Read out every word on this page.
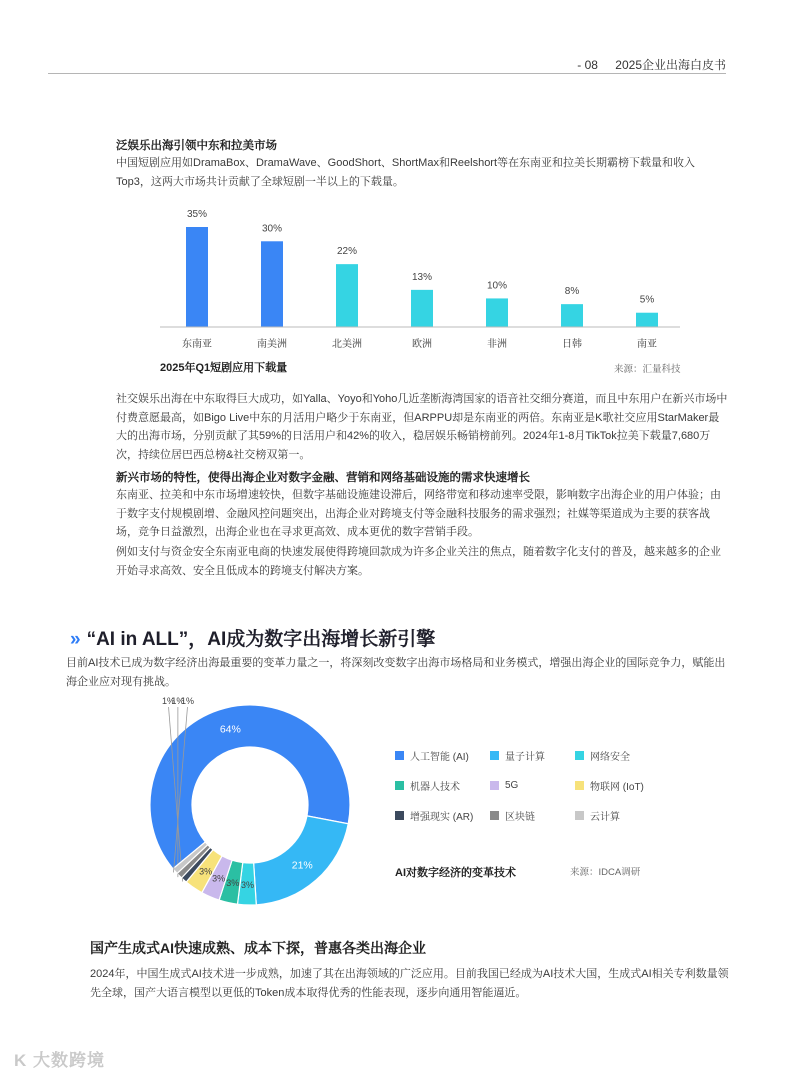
- 08 2025企业出海白皮书
泛娱乐出海引领中东和拉美市场
中国短剧应用如DramaBox、DramaWave、GoodShort、ShortMax和Reelshort等在东南亚和拉美长期霸榜下载量和收入Top3，这两大市场共计贡献了全球短剧一半以上的下载量。
35%
东南亚
30%
南美洲
22%
北美洲
13%
欧洲
10%
非洲
8%
日韩
5%
南亚
2025年Q1短剧应用下载量	来源：汇量科技
社交娱乐出海在中东取得巨大成功，如Yalla、Yoyo和Yoho几近垄断海湾国家的语音社交细分赛道，而且中东用户在新兴市场中付费意愿最高，如Bigo Live中东的月活用户略少于东南亚，但ARPPU却是东南亚的两倍。东南亚是K歌社交应用StarMaker最大的出海市场，分别贡献了其59%的日活用户和42%的收入，稳居娱乐畅销榜前列。2024年1-8月TikTok拉美下载量7,680万次，持续位居巴西总榜&社交榜双第一。
新兴市场的特性，使得出海企业对数字金融、营销和网络基础设施的需求快速增长
东南亚、拉美和中东市场增速较快，但数字基础设施建设滞后，网络带宽和移动速率受限，影响数字出海企业的用户体验；由于数字支付规模剧增、金融风控问题突出，出海企业对跨境支付等金融科技服务的需求强烈；社媒等渠道成为主要的获客战场，竞争日益激烈，出海企业也在寻求更高效、成本更优的数字营销手段。
例如支付与资金安全东南亚电商的快速发展使得跨境回款成为许多企业关注的焦点，随着数字化支付的普及，越来越多的企业开始寻求高效、安全且低成本的跨境支付解决方案。
» “AI in ALL”，AI成为数字出海增长新引擎
目前AI技术已成为数字经济出海最重要的变革力量之一，将深刻改变数字出海市场格局和业务模式，增强出海企业的国际竞争力，赋能出海企业应对现有挑战。
64%
21%
3%
3%
3%
3%
1%
1%
1%
人工智能 (AI)	量子计算	网络安全
机器人技术	5G	物联网 (IoT)
增强现实 (AR)	区块链	云计算
AI对数字经济的变革技术	来源：IDCA调研
国产生成式AI快速成熟、成本下探，普惠各类出海企业
2024年，中国生成式AI技术进一步成熟，加速了其在出海领域的广泛应用。目前我国已经成为AI技术大国，生成式AI相关专利数量领先全球，国产大语言模型以更低的Token成本取得优秀的性能表现，逐步向通用智能逼近。
K 大数跨境
